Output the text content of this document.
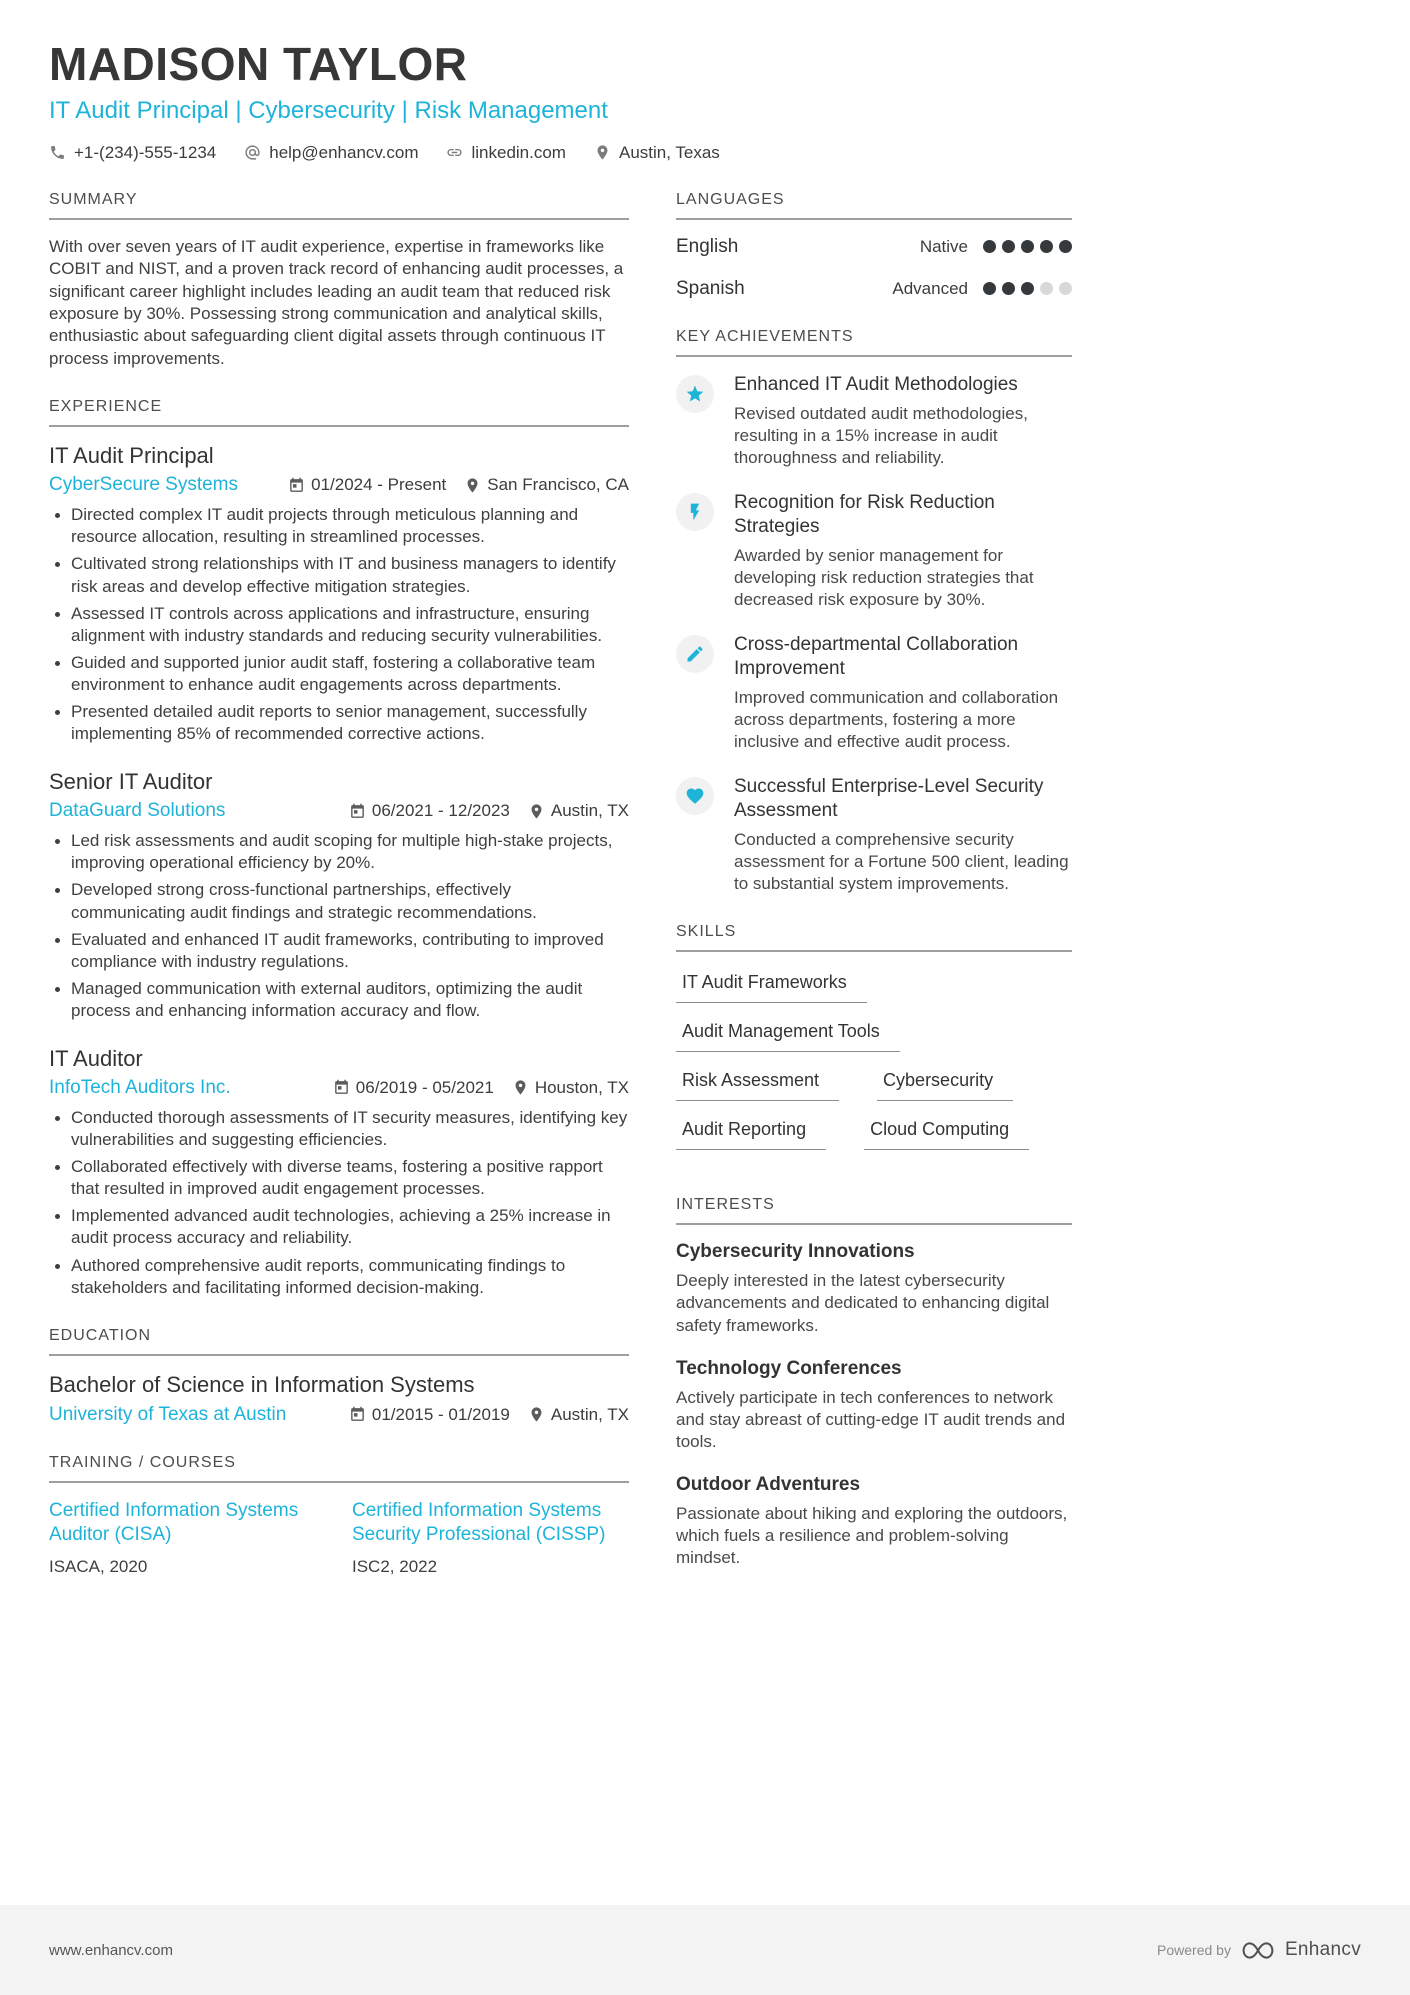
MADISON TAYLOR
IT Audit Principal | Cybersecurity | Risk Management
+1-(234)-555-1234	help@enhancv.com	linkedin.com	Austin, Texas
SUMMARY

With over seven years of IT audit experience, expertise in frameworks like COBIT and NIST, and a proven track record of enhancing audit processes, a significant career highlight includes leading an audit team that reduced risk exposure by 30%. Possessing strong communication and analytical skills, enthusiastic about safeguarding client digital assets through continuous IT process improvements.

EXPERIENCE
IT Audit Principal
CyberSecure Systems	01/2024 - Present San Francisco, CA
Directed complex IT audit projects through meticulous planning and resource allocation, resulting in streamlined processes.
Cultivated strong relationships with IT and business managers to identify risk areas and develop effective mitigation strategies.
Assessed IT controls across applications and infrastructure, ensuring alignment with industry standards and reducing security vulnerabilities.
Guided and supported junior audit staff, fostering a collaborative team environment to enhance audit engagements across departments.
Presented detailed audit reports to senior management, successfully implementing 85% of recommended corrective actions.
Senior IT Auditor
DataGuard Solutions	06/2021 - 12/2023 Austin, TX
Led risk assessments and audit scoping for multiple high-stake projects, improving operational efficiency by 20%.
Developed strong cross-functional partnerships, effectively communicating audit findings and strategic recommendations.
Evaluated and enhanced IT audit frameworks, contributing to improved compliance with industry regulations.
Managed communication with external auditors, optimizing the audit process and enhancing information accuracy and flow.
IT Auditor
InfoTech Auditors Inc.	06/2019 - 05/2021 Houston, TX
Conducted thorough assessments of IT security measures, identifying key vulnerabilities and suggesting efficiencies.
Collaborated effectively with diverse teams, fostering a positive rapport that resulted in improved audit engagement processes.
Implemented advanced audit technologies, achieving a 25% increase in audit process accuracy and reliability.
Authored comprehensive audit reports, communicating findings to stakeholders and facilitating informed decision-making.
EDUCATION
Bachelor of Science in Information Systems
University of Texas at Austin	01/2015 - 01/2019 Austin, TX
TRAINING / COURSES
Certified Information Systems Auditor (CISA)
ISACA, 2020
Certified Information Systems Security Professional (CISSP)
ISC2, 2022
LANGUAGES
English	Native
Spanish	Advanced
KEY ACHIEVEMENTS
Enhanced IT Audit Methodologies
Revised outdated audit methodologies, resulting in a 15% increase in audit thoroughness and reliability.
Recognition for Risk Reduction Strategies
Awarded by senior management for developing risk reduction strategies that decreased risk exposure by 30%.
Cross-departmental Collaboration Improvement
Improved communication and collaboration across departments, fostering a more inclusive and effective audit process.
Successful Enterprise-Level Security Assessment
Conducted a comprehensive security assessment for a Fortune 500 client, leading to substantial system improvements.
SKILLS
IT Audit Frameworks
Audit Management Tools
Risk Assessment	Cybersecurity
Audit Reporting	Cloud Computing
INTERESTS
Cybersecurity Innovations
Deeply interested in the latest cybersecurity advancements and dedicated to enhancing digital safety frameworks.
Technology Conferences
Actively participate in tech conferences to network and stay abreast of cutting-edge IT audit trends and tools.
Outdoor Adventures
Passionate about hiking and exploring the outdoors, which fuels a resilience and problem-solving mindset.
www.enhancv.com	Powered by	Enhancv
